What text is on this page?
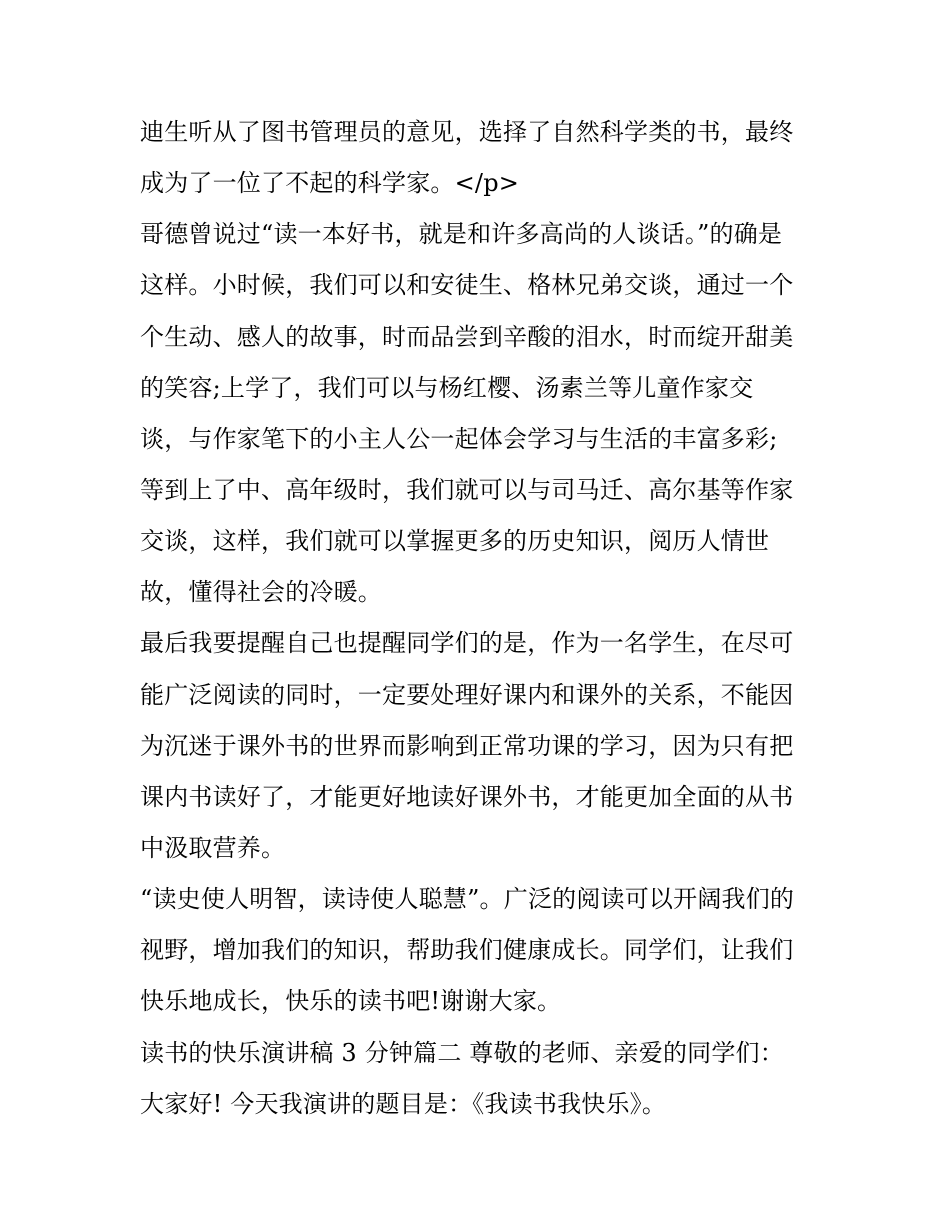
迪生听从了图书管理员的意见，选择了自然科学类的书，最终
成为了一位了不起的科学家。</p>
哥德曾说过“读一本好书，就是和许多高尚的人谈话。”的确是
这样。小时候，我们可以和安徒生、格林兄弟交谈，通过一个
个生动、感人的故事，时而品尝到辛酸的泪水，时而绽开甜美
的笑容;上学了，我们可以与杨红樱、汤素兰等儿童作家交
谈，与作家笔下的小主人公一起体会学习与生活的丰富多彩;
等到上了中、高年级时，我们就可以与司马迁、高尔基等作家
交谈，这样，我们就可以掌握更多的历史知识，阅历人情世
故，懂得社会的冷暖。
最后我要提醒自己也提醒同学们的是，作为一名学生，在尽可
能广泛阅读的同时，一定要处理好课内和课外的关系，不能因
为沉迷于课外书的世界而影响到正常功课的学习，因为只有把
课内书读好了，才能更好地读好课外书，才能更加全面的从书
中汲取营养。
“读史使人明智，读诗使人聪慧”。广泛的阅读可以开阔我们的
视野，增加我们的知识，帮助我们健康成长。同学们，让我们
快乐地成长，快乐的读书吧!谢谢大家。
读书的快乐演讲稿 3 分钟篇二 尊敬的老师、亲爱的同学们：
大家好! 今天我演讲的题目是：《我读书我快乐》。
